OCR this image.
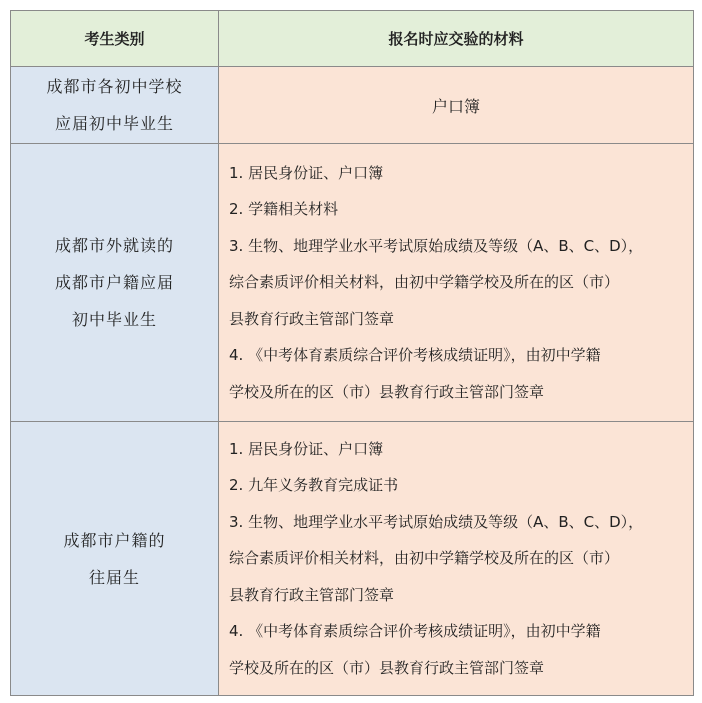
考生类别	报名时应交验的材料
成都市各初中学校
应届初中毕业生
户口簿
成都市外就读的
成都市户籍应届
初中毕业生
1. 居民身份证、户口簿
2. 学籍相关材料
3. 生物、地理学业水平考试原始成绩及等级（A、B、C、D），
综合素质评价相关材料，由初中学籍学校及所在的区（市）
县教育行政主管部门签章
4. 《中考体育素质综合评价考核成绩证明》，由初中学籍
学校及所在的区（市）县教育行政主管部门签章
成都市户籍的
往届生
1. 居民身份证、户口簿
2. 九年义务教育完成证书
3. 生物、地理学业水平考试原始成绩及等级（A、B、C、D），
综合素质评价相关材料，由初中学籍学校及所在的区（市）
县教育行政主管部门签章
4. 《中考体育素质综合评价考核成绩证明》，由初中学籍
学校及所在的区（市）县教育行政主管部门签章
